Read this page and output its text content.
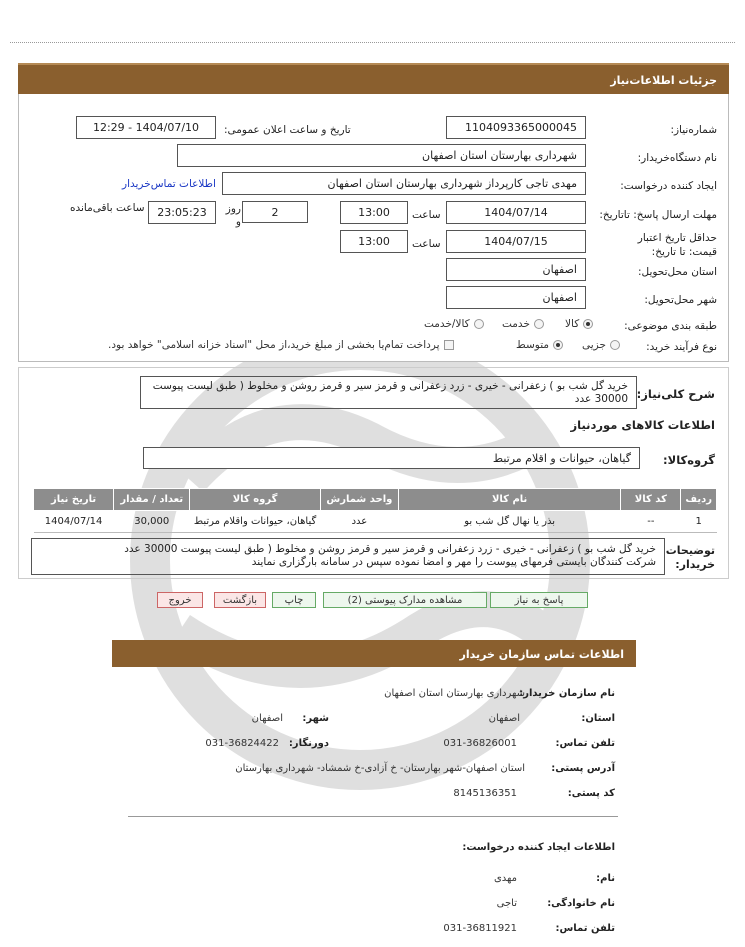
جزئیات اطلاعات‌نیاز
شماره‌نیاز:
1104093365000045
تاریخ و ساعت اعلان عمومی:
1404/07/10 - 12:29
نام دستگاه‌خریدار:
شهرداری بهارستان استان اصفهان
ایجاد کننده درخواست:
مهدی تاجی کارپرداز شهرداری بهارستان استان اصفهان
اطلاعات تماس‌خریدار
مهلت ارسال پاسخ: تاتاریخ:
1404/07/14
ساعت
13:00
2
روز و
23:05:23
ساعت باقی‌مانده
حداقل تاریخ اعتبار قیمت: تا تاریخ:
1404/07/15
ساعت
13:00
استان محل‌تحویل:
اصفهان
شهر محل‌تحویل:
اصفهان
طبقه بندی موضوعی:
کالا
خدمت
کالا/خدمت
نوع فرآیند خرید:
جزیی
متوسط
پرداخت تمام‌یا بخشی از مبلغ خرید،از محل "اسناد خزانه اسلامی" خواهد بود.
شرح کلی‌نیاز:
خرید گل شب بو ) زعفرانی - خیری - زرد زعفرانی و قرمز سیر و قرمز روشن و مخلوط ( طبق لیست پیوست 30000 عدد
اطلاعات کالاهای موردنیاز
گروه‌کالا:
گیاهان، حیوانات و اقلام مرتبط
ردیف	کد کالا	نام کالا	واحد شمارش	گروه کالا	تعداد / مقدار	تاریخ نیاز
1	--	بذر یا نهال گل شب بو	عدد	گیاهان، حیوانات واقلام مرتبط	30,000	1404/07/14
توضیحات خریدار:
خرید گل شب بو ) زعفرانی - خیری - زرد زعفرانی و قرمز سیر و قرمز روشن و مخلوط ( طبق لیست پیوست 30000 عدد
شرکت کنندگان بایستی فرمهای پیوست را مهر و امضا نموده سپس در سامانه بارگزاری نمایند
پاسخ به نیاز
مشاهده مدارک پیوستی (2)
چاپ
بازگشت
خروج
اطلاعات تماس سازمان خریدار
نام سازمان خریدار:
شهرداری بهارستان استان اصفهان
استان:
اصفهان
شهر:
اصفهان
تلفن تماس:
031-36826001
دورنگار:
031-36824422
آدرس پستی:
استان اصفهان-شهر بهارستان- خ آزادی-خ شمشاد- شهرداری بهارستان
کد پستی:
8145136351
اطلاعات ایجاد کننده درخواست:
نام:
مهدی
نام خانوادگی:
تاجی
تلفن تماس:
031-36811921
